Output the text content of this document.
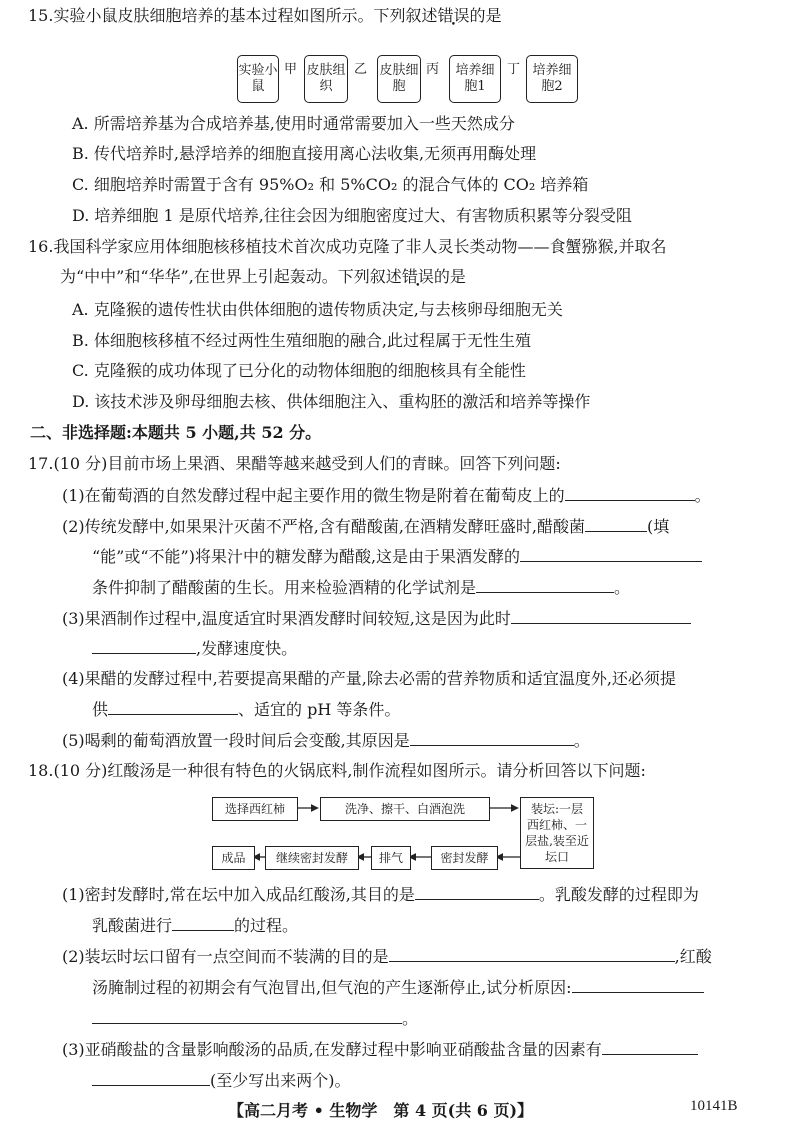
15.实验小鼠皮肤细胞培养的基本过程如图所示。下列叙述错误的是
实验小鼠
皮肤组织
皮肤细胞
培养细胞1
培养细胞2
甲	乙	丙	丁
A. 所需培养基为合成培养基,使用时通常需要加入一些天然成分
B. 传代培养时,悬浮培养的细胞直接用离心法收集,无须再用酶处理
C. 细胞培养时需置于含有 95%O₂ 和 5%CO₂ 的混合气体的 CO₂ 培养箱
D. 培养细胞 1 是原代培养,往往会因为细胞密度过大、有害物质积累等分裂受阻
16.我国科学家应用体细胞核移植技术首次成功克隆了非人灵长类动物——食蟹猕猴,并取名
为“中中”和“华华”,在世界上引起轰动。下列叙述错误的是
A. 克隆猴的遗传性状由供体细胞的遗传物质决定,与去核卵母细胞无关
B. 体细胞核移植不经过两性生殖细胞的融合,此过程属于无性生殖
C. 克隆猴的成功体现了已分化的动物体细胞的细胞核具有全能性
D. 该技术涉及卵母细胞去核、供体细胞注入、重构胚的激活和培养等操作
二、非选择题:本题共 5 小题,共 52 分。
17.(10 分)目前市场上果酒、果醋等越来越受到人们的青睐。回答下列问题:
(1)在葡萄酒的自然发酵过程中起主要作用的微生物是附着在葡萄皮上的	。
(2)传统发酵中,如果果汁灭菌不严格,含有醋酸菌,在酒精发酵旺盛时,醋酸菌	(填
“能”或“不能”)将果汁中的糖发酵为醋酸,这是由于果酒发酵的
条件抑制了醋酸菌的生长。用来检验酒精的化学试剂是	。
(3)果酒制作过程中,温度适宜时果酒发酵时间较短,这是因为此时
,发酵速度快。
(4)果醋的发酵过程中,若要提高果醋的产量,除去必需的营养物质和适宜温度外,还必须提
供	、适宜的 pH 等条件。
(5)喝剩的葡萄酒放置一段时间后会变酸,其原因是	。
18.(10 分)红酸汤是一种很有特色的火锅底料,制作流程如图所示。请分析回答以下问题:
选择西红柿	洗净、擦干、白酒泡洗	装坛:一层西红柿、一层盐,装至近坛口
密封发酵
排气
继续密封发酵
成品
(1)密封发酵时,常在坛中加入成品红酸汤,其目的是	。乳酸发酵的过程即为
乳酸菌进行	的过程。
(2)装坛时坛口留有一点空间而不装满的目的是	,红酸
汤腌制过程的初期会有气泡冒出,但气泡的产生逐渐停止,试分析原因:
。
(3)亚硝酸盐的含量影响酸汤的品质,在发酵过程中影响亚硝酸盐含量的因素有
(至少写出来两个)。
【高二月考 • 生物学　第 4 页(共 6 页)】	10141B
